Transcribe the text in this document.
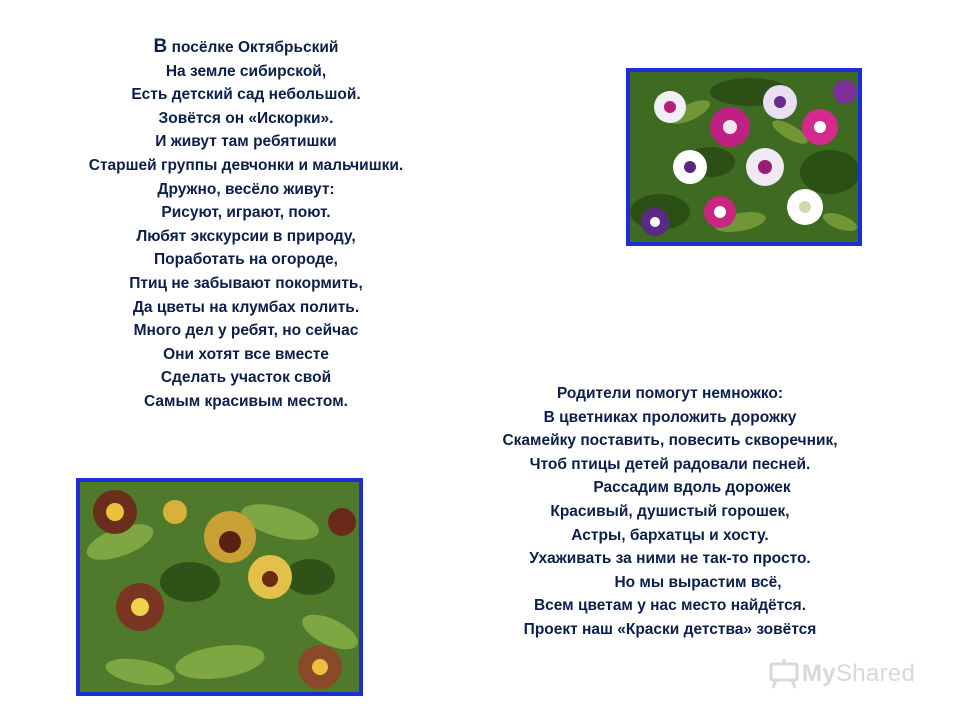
В посёлке Октябрьский
На земле сибирской,
Есть детский сад небольшой.
Зовётся он «Искорки».
И живут там ребятишки
Старшей группы девчонки и мальчишки.
Дружно, весёло живут:
Рисуют, играют, поют.
Любят экскурсии в природу,
Поработать на огороде,
Птиц не забывают покормить,
Да цветы на клумбах полить.
Много дел у ребят, но сейчас
Они хотят все вместе
Сделать участок свой
Самым красивым местом.	Родители помогут немножко:
В цветниках проложить дорожку
Скамейку поставить, повесить скворечник,
Чтоб птицы детей радовали песней.
Рассадим вдоль дорожек
Красивый, душистый горошек,
Астры, бархатцы и хосту.
Ухаживать за ними не так-то просто.
Но мы вырастим всё,
Всем цветам у нас место найдётся.
Проект наш «Краски детства» зовётся
MyShared
